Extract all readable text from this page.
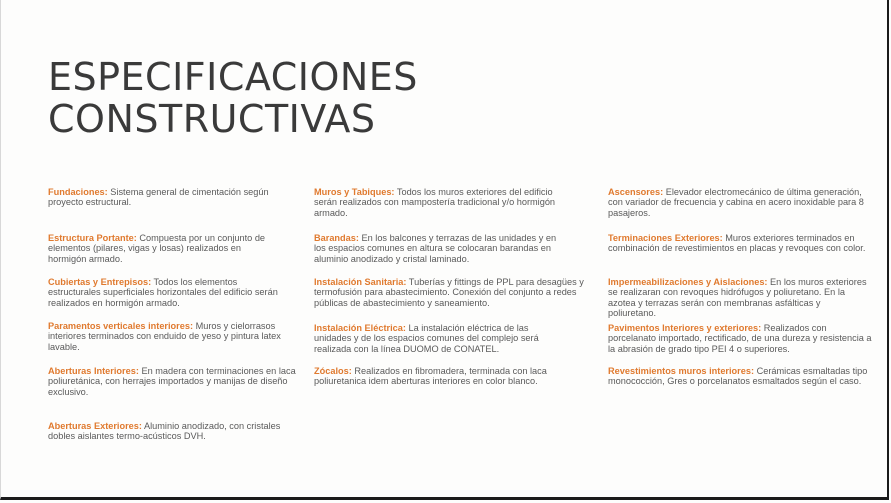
ESPECIFICACIONES
CONSTRUCTIVAS
Fundaciones: Sistema general de cimentación según proyecto estructural.
Estructura Portante: Compuesta por un conjunto de elementos (pilares, vigas y losas) realizados en hormigón armado.
Cubiertas y Entrepisos: Todos los elementos estructurales superficiales horizontales del edificio serán realizados en hormigón armado.
Paramentos verticales interiores: Muros y cielorrasos interiores terminados con enduido de yeso y pintura latex lavable.
Aberturas Interiores: En madera con terminaciones en laca poliuretánica, con herrajes importados y manijas de diseño exclusivo.
Aberturas Exteriores: Aluminio anodizado, con cristales dobles aislantes termo-acústicos DVH.
Muros y Tabiques: Todos los muros exteriores del edificio serán realizados con mampostería tradicional y/o hormigón armado.
Barandas: En los balcones y terrazas de las unidades y en los espacios comunes en altura se colocaran barandas en aluminio anodizado y cristal laminado.
Instalación Sanitaria: Tuberías y fittings de PPL para desagües y termofusión para abastecimiento. Conexión del conjunto a redes públicas de abastecimiento y saneamiento.
Instalación Eléctrica: La instalación eléctrica de las unidades y de los espacios comunes del complejo será realizada con la línea DUOMO de CONATEL.
Zócalos: Realizados en fibromadera, terminada con laca poliuretanica idem aberturas interiores en color blanco.
Ascensores: Elevador electromecánico de última generación, con variador de frecuencia y cabina en acero inoxidable para 8 pasajeros.
Terminaciones Exteriores: Muros exteriores terminados en combinación de revestimientos en placas y revoques con color.
Impermeabilizaciones y Aislaciones: En los muros exteriores se realizaran con revoques hidrófugos y poliuretano. En la azotea y terrazas serán con membranas asfálticas y poliuretano.
Pavimentos Interiores y exteriores: Realizados con porcelanato importado, rectificado, de una dureza y resistencia a la abrasión de grado tipo PEI 4 o superiores.
Revestimientos muros interiores: Cerámicas esmaltadas tipo monococción, Gres o porcelanatos esmaltados según el caso.
